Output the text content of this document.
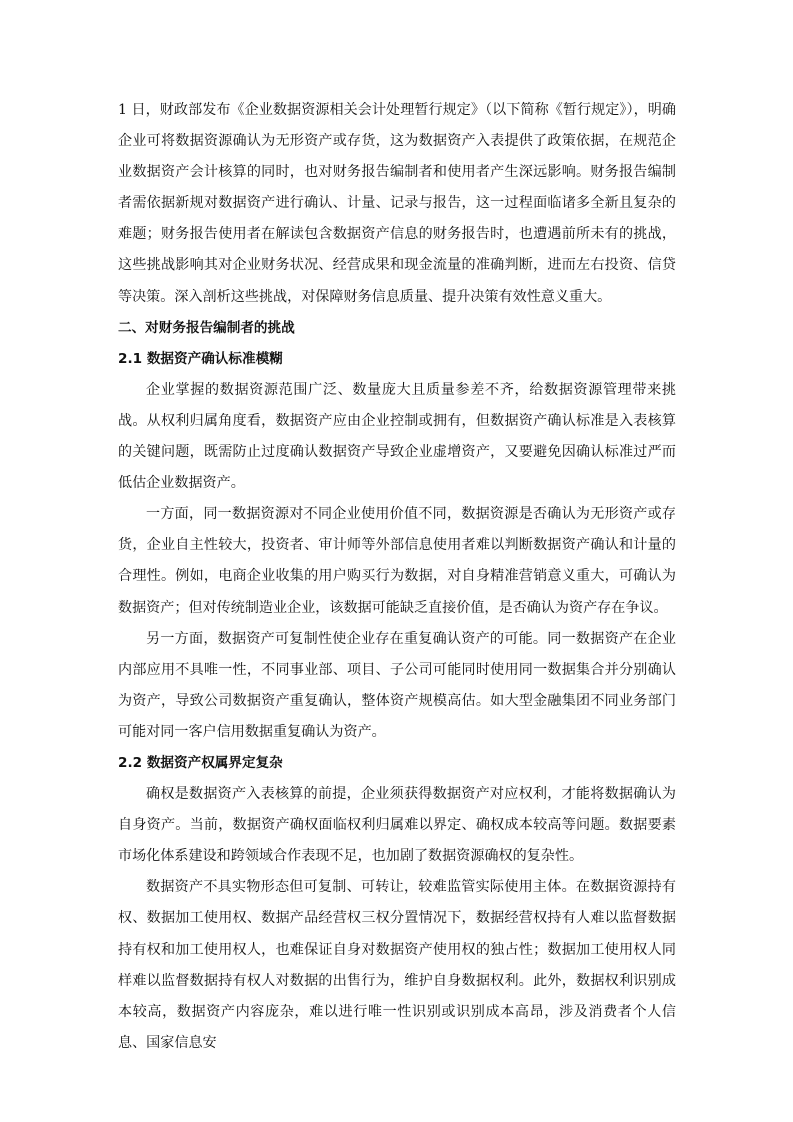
1 日，财政部发布《企业数据资源相关会计处理暂行规定》（以下简称《暂行规定》），明确企业可将数据资源确认为无形资产或存货，这为数据资产入表提供了政策依据，在规范企业数据资产会计核算的同时，也对财务报告编制者和使用者产生深远影响。财务报告编制者需依据新规对数据资产进行确认、计量、记录与报告，这一过程面临诸多全新且复杂的难题；财务报告使用者在解读包含数据资产信息的财务报告时，也遭遇前所未有的挑战，这些挑战影响其对企业财务状况、经营成果和现金流量的准确判断，进而左右投资、信贷等决策。深入剖析这些挑战，对保障财务信息质量、提升决策有效性意义重大。

二、对财务报告编制者的挑战
2.1 数据资产确认标准模糊

企业掌握的数据资源范围广泛、数量庞大且质量参差不齐，给数据资源管理带来挑战。从权利归属角度看，数据资产应由企业控制或拥有，但数据资产确认标准是入表核算的关键问题，既需防止过度确认数据资产导致企业虚增资产，又要避免因确认标准过严而低估企业数据资产。

一方面，同一数据资源对不同企业使用价值不同，数据资源是否确认为无形资产或存货，企业自主性较大，投资者、审计师等外部信息使用者难以判断数据资产确认和计量的合理性。例如，电商企业收集的用户购买行为数据，对自身精准营销意义重大，可确认为数据资产；但对传统制造业企业，该数据可能缺乏直接价值，是否确认为资产存在争议。

另一方面，数据资产可复制性使企业存在重复确认资产的可能。同一数据资产在企业内部应用不具唯一性，不同事业部、项目、子公司可能同时使用同一数据集合并分别确认为资产，导致公司数据资产重复确认，整体资产规模高估。如大型金融集团不同业务部门可能对同一客户信用数据重复确认为资产。

2.2 数据资产权属界定复杂

确权是数据资产入表核算的前提，企业须获得数据资产对应权利，才能将数据确认为自身资产。当前，数据资产确权面临权利归属难以界定、确权成本较高等问题。数据要素市场化体系建设和跨领域合作表现不足，也加剧了数据资源确权的复杂性。

数据资产不具实物形态但可复制、可转让，较难监管实际使用主体。在数据资源持有权、数据加工使用权、数据产品经营权三权分置情况下，数据经营权持有人难以监督数据持有权和加工使用权人，也难保证自身对数据资产使用权的独占性；数据加工使用权人同样难以监督数据持有权人对数据的出售行为，维护自身数据权利。此外，数据权利识别成本较高，数据资产内容庞杂，难以进行唯一性识别或识别成本高昂，涉及消费者个人信息、国家信息安
